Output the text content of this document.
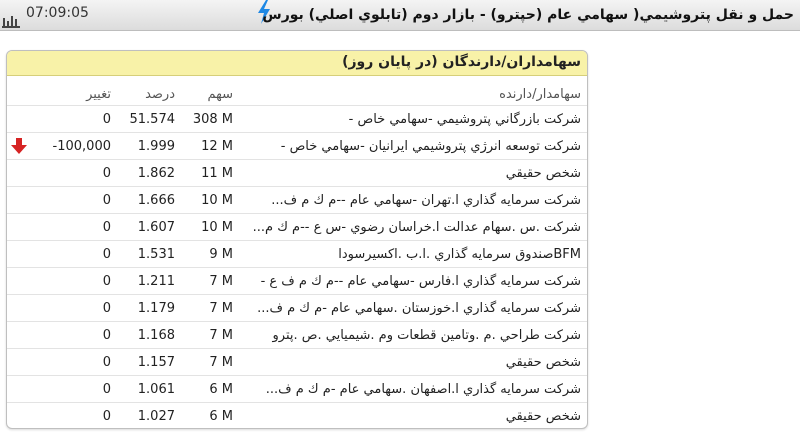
07:09:05	حمل و نقل پتروشيمي( سهامي عام (حپترو) - بازار دوم (تابلوي اصلي) بورس
سهامداران/دارندگان (در پايان روز)
	تغيير	درصد	سهم	سهامدار/دارنده
	0	51.574	308 M	شركت بازرگاني پتروشيمي -سهامي خاص -
	-100,000	1.999	12 M	شركت توسعه انرژي پتروشيمي ايرانيان -سهامي خاص -
	0	1.862	11 M	شخص حقيقي
	0	1.666	10 M	شركت سرمايه گذاري ا.تهران -سهامي عام --م ك م ف...
	0	1.607	10 M	شركت .س .سهام عدالت ا.خراسان رضوي -س ع --م ك م...
	0	1.531	9 M	BFMصندوق سرمايه گذاري .ا.ب .اكسيرسودا
	0	1.211	7 M	شركت سرمايه گذاري ا.فارس -سهامي عام --م ك م ف ع -
	0	1.179	7 M	شركت سرمايه گذاري ا.خوزستان .سهامي عام -م ك م ف...
	0	1.168	7 M	شركت طراحي .م .وتامين قطعات وم .شيميايي .ص .پترو
	0	1.157	7 M	شخص حقيقي
	0	1.061	6 M	شركت سرمايه گذاري ا.اصفهان .سهامي عام -م ك م ف...
	0	1.027	6 M	شخص حقيقي
